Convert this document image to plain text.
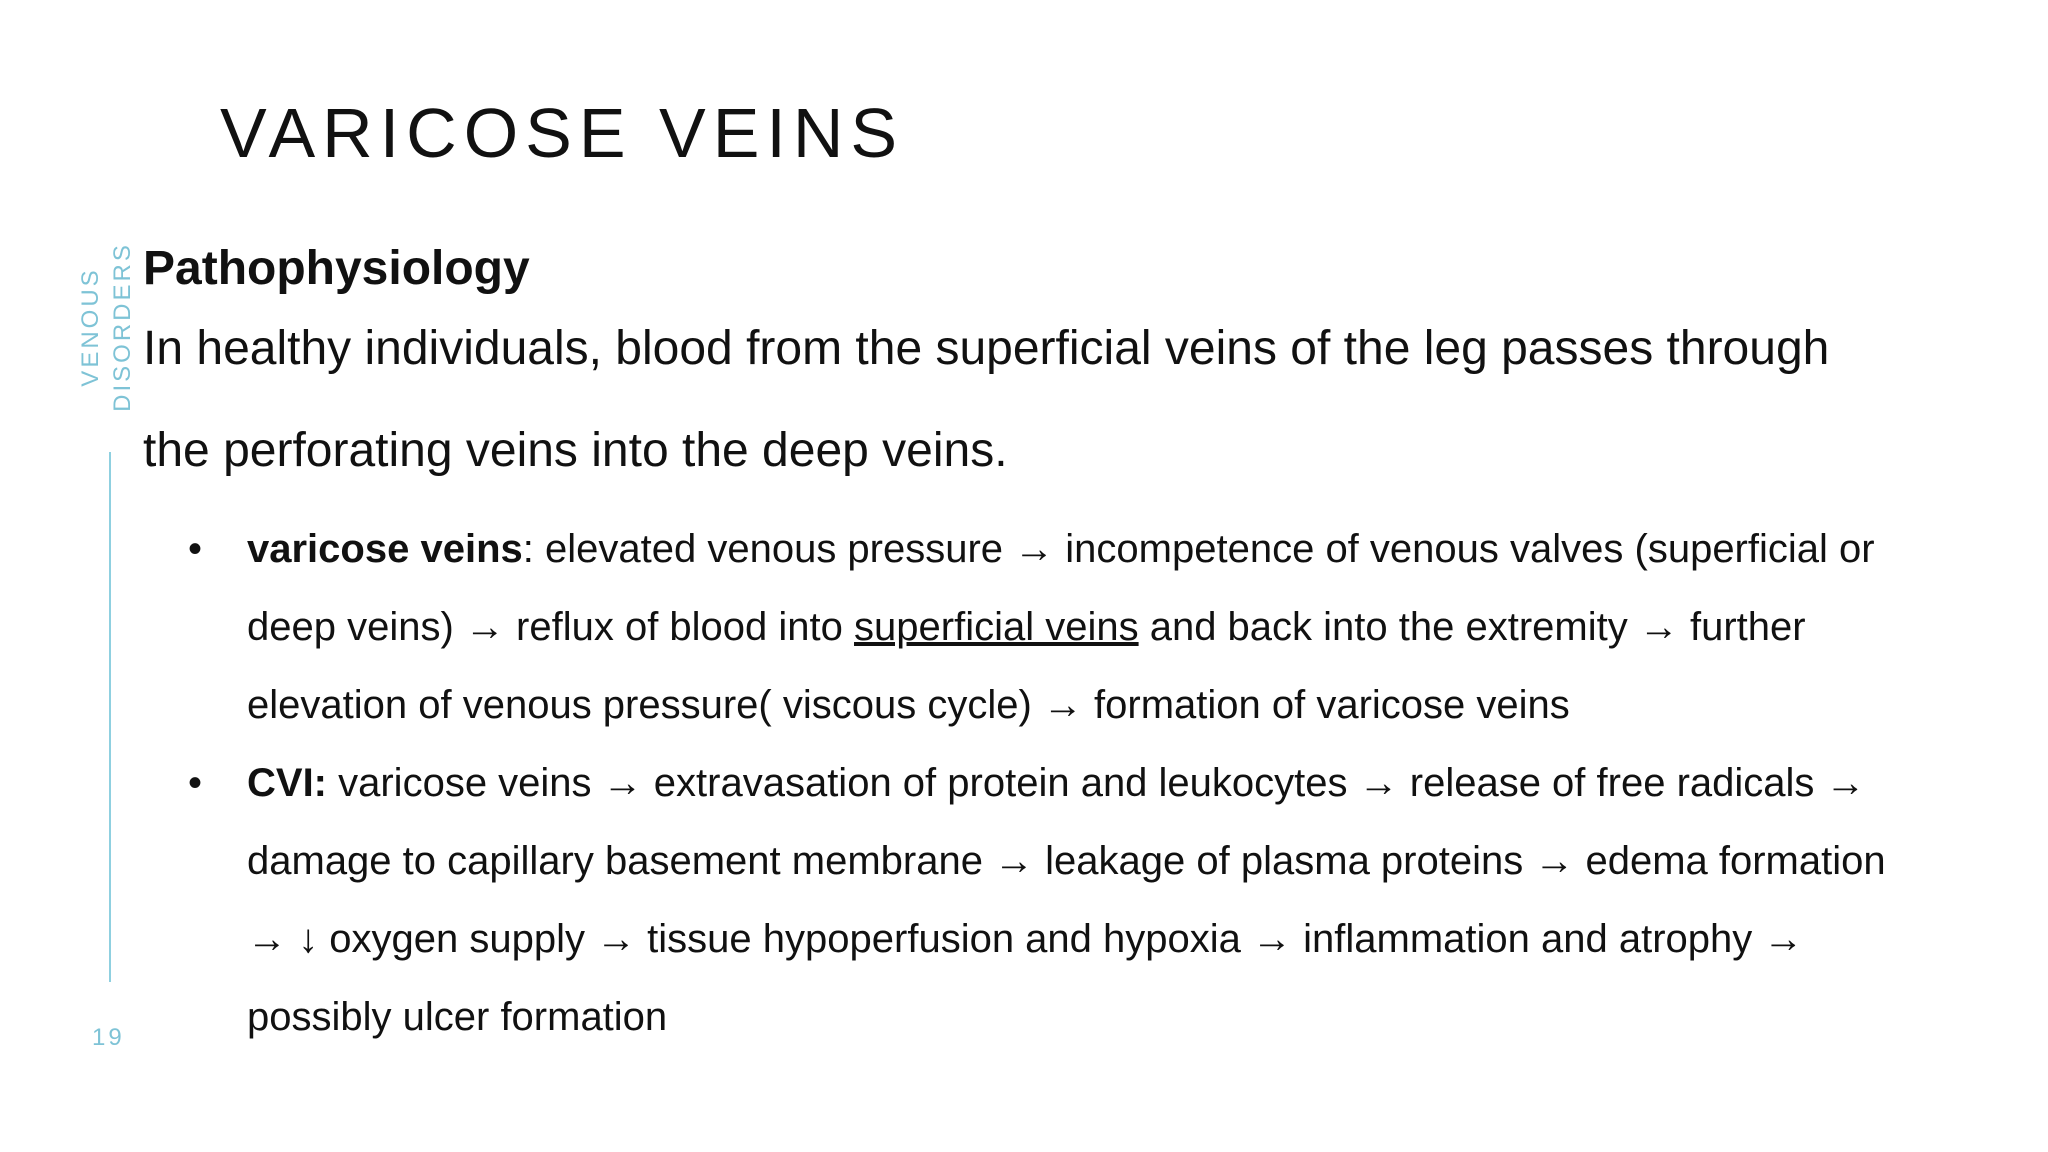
VARICOSE VEINS
VENOUS DISORDERS
19

Pathophysiology

In healthy individuals, blood from the superficial veins of the leg passes through the perforating veins into the deep veins.

• varicose veins: elevated venous pressure → incompetence of venous valves (superficial or deep veins) → reflux of blood into superficial veins and back into the extremity → further elevation of venous pressure( viscous cycle) → formation of varicose veins
• CVI: varicose veins → extravasation of protein and leukocytes → release of free radicals → damage to capillary basement membrane → leakage of plasma proteins → edema formation → ↓ oxygen supply → tissue hypoperfusion and hypoxia → inflammation and atrophy → possibly ulcer formation
